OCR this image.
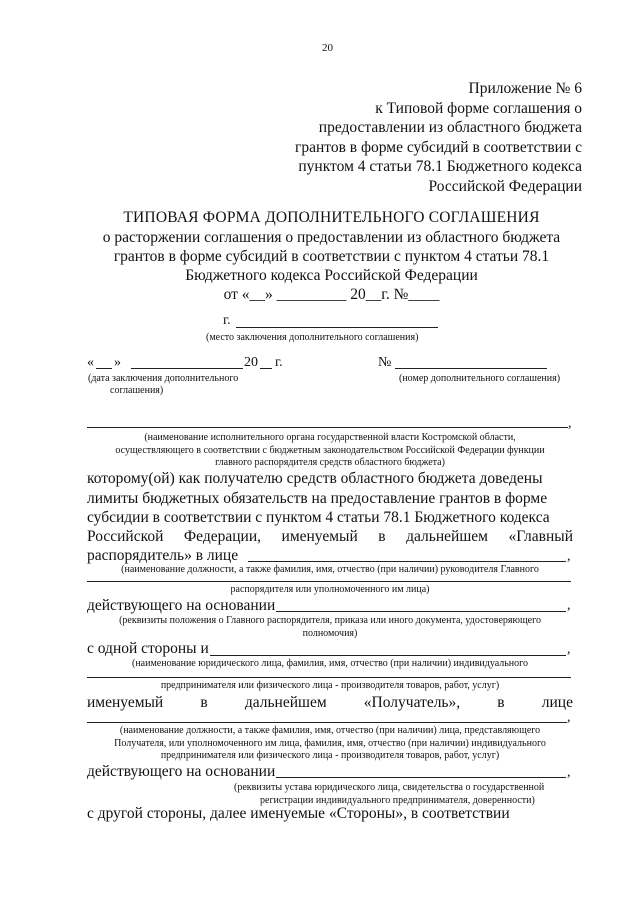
20
Приложение № 6
к Типовой форме соглашения о
предоставлении из областного бюджета
грантов в форме субсидий в соответствии с
пунктом 4 статьи 78.1 Бюджетного кодекса
Российской Федерации
ТИПОВАЯ ФОРМА ДОПОЛНИТЕЛЬНОГО СОГЛАШЕНИЯ
о расторжении соглашения о предоставлении из областного бюджета
грантов в форме субсидий в соответствии с пунктом 4 статьи 78.1
Бюджетного кодекса Российской Федерации
от «__» _________ 20__г. №____
г.
(место заключения дополнительного соглашения)
« »	20 г.	№
(дата заключения дополнительного
соглашения)
(номер дополнительного соглашения)
,
(наименование исполнительного органа государственной власти Костромской области,
осуществляющего в соответствии с бюджетным законодательством Российской Федерации функции
главного распорядителя средств областного бюджета)
которому(ой) как получателю средств областного бюджета доведены
лимиты бюджетных обязательств на предоставление грантов в форме
субсидии в соответствии с пунктом 4 статьи 78.1 Бюджетного кодекса
Российской Федерации, именуемый в дальнейшем «Главный
распорядитель» в лице	,
(наименование должности, а также фамилия, имя, отчество (при наличии) руководителя Главного
распорядителя или уполномоченного им лица)
действующего на основании	,
(реквизиты положения о Главного распорядителя, приказа или иного документа, удостоверяющего
полномочия)
с одной стороны и	,
(наименование юридического лица, фамилия, имя, отчество (при наличии) индивидуального
предпринимателя или физического лица - производителя товаров, работ, услуг)
именуемый в дальнейшем «Получатель», в лице
,
(наименование должности, а также фамилия, имя, отчество (при наличии) лица, представляющего
Получателя, или уполномоченного им лица, фамилия, имя, отчество (при наличии) индивидуального
предпринимателя или физического лица - производителя товаров, работ, услуг)
действующего на основании	,
(реквизиты устава юридического лица, свидетельства о государственной
регистрации индивидуального предпринимателя, доверенности)
с другой стороны, далее именуемые «Стороны», в соответствии
